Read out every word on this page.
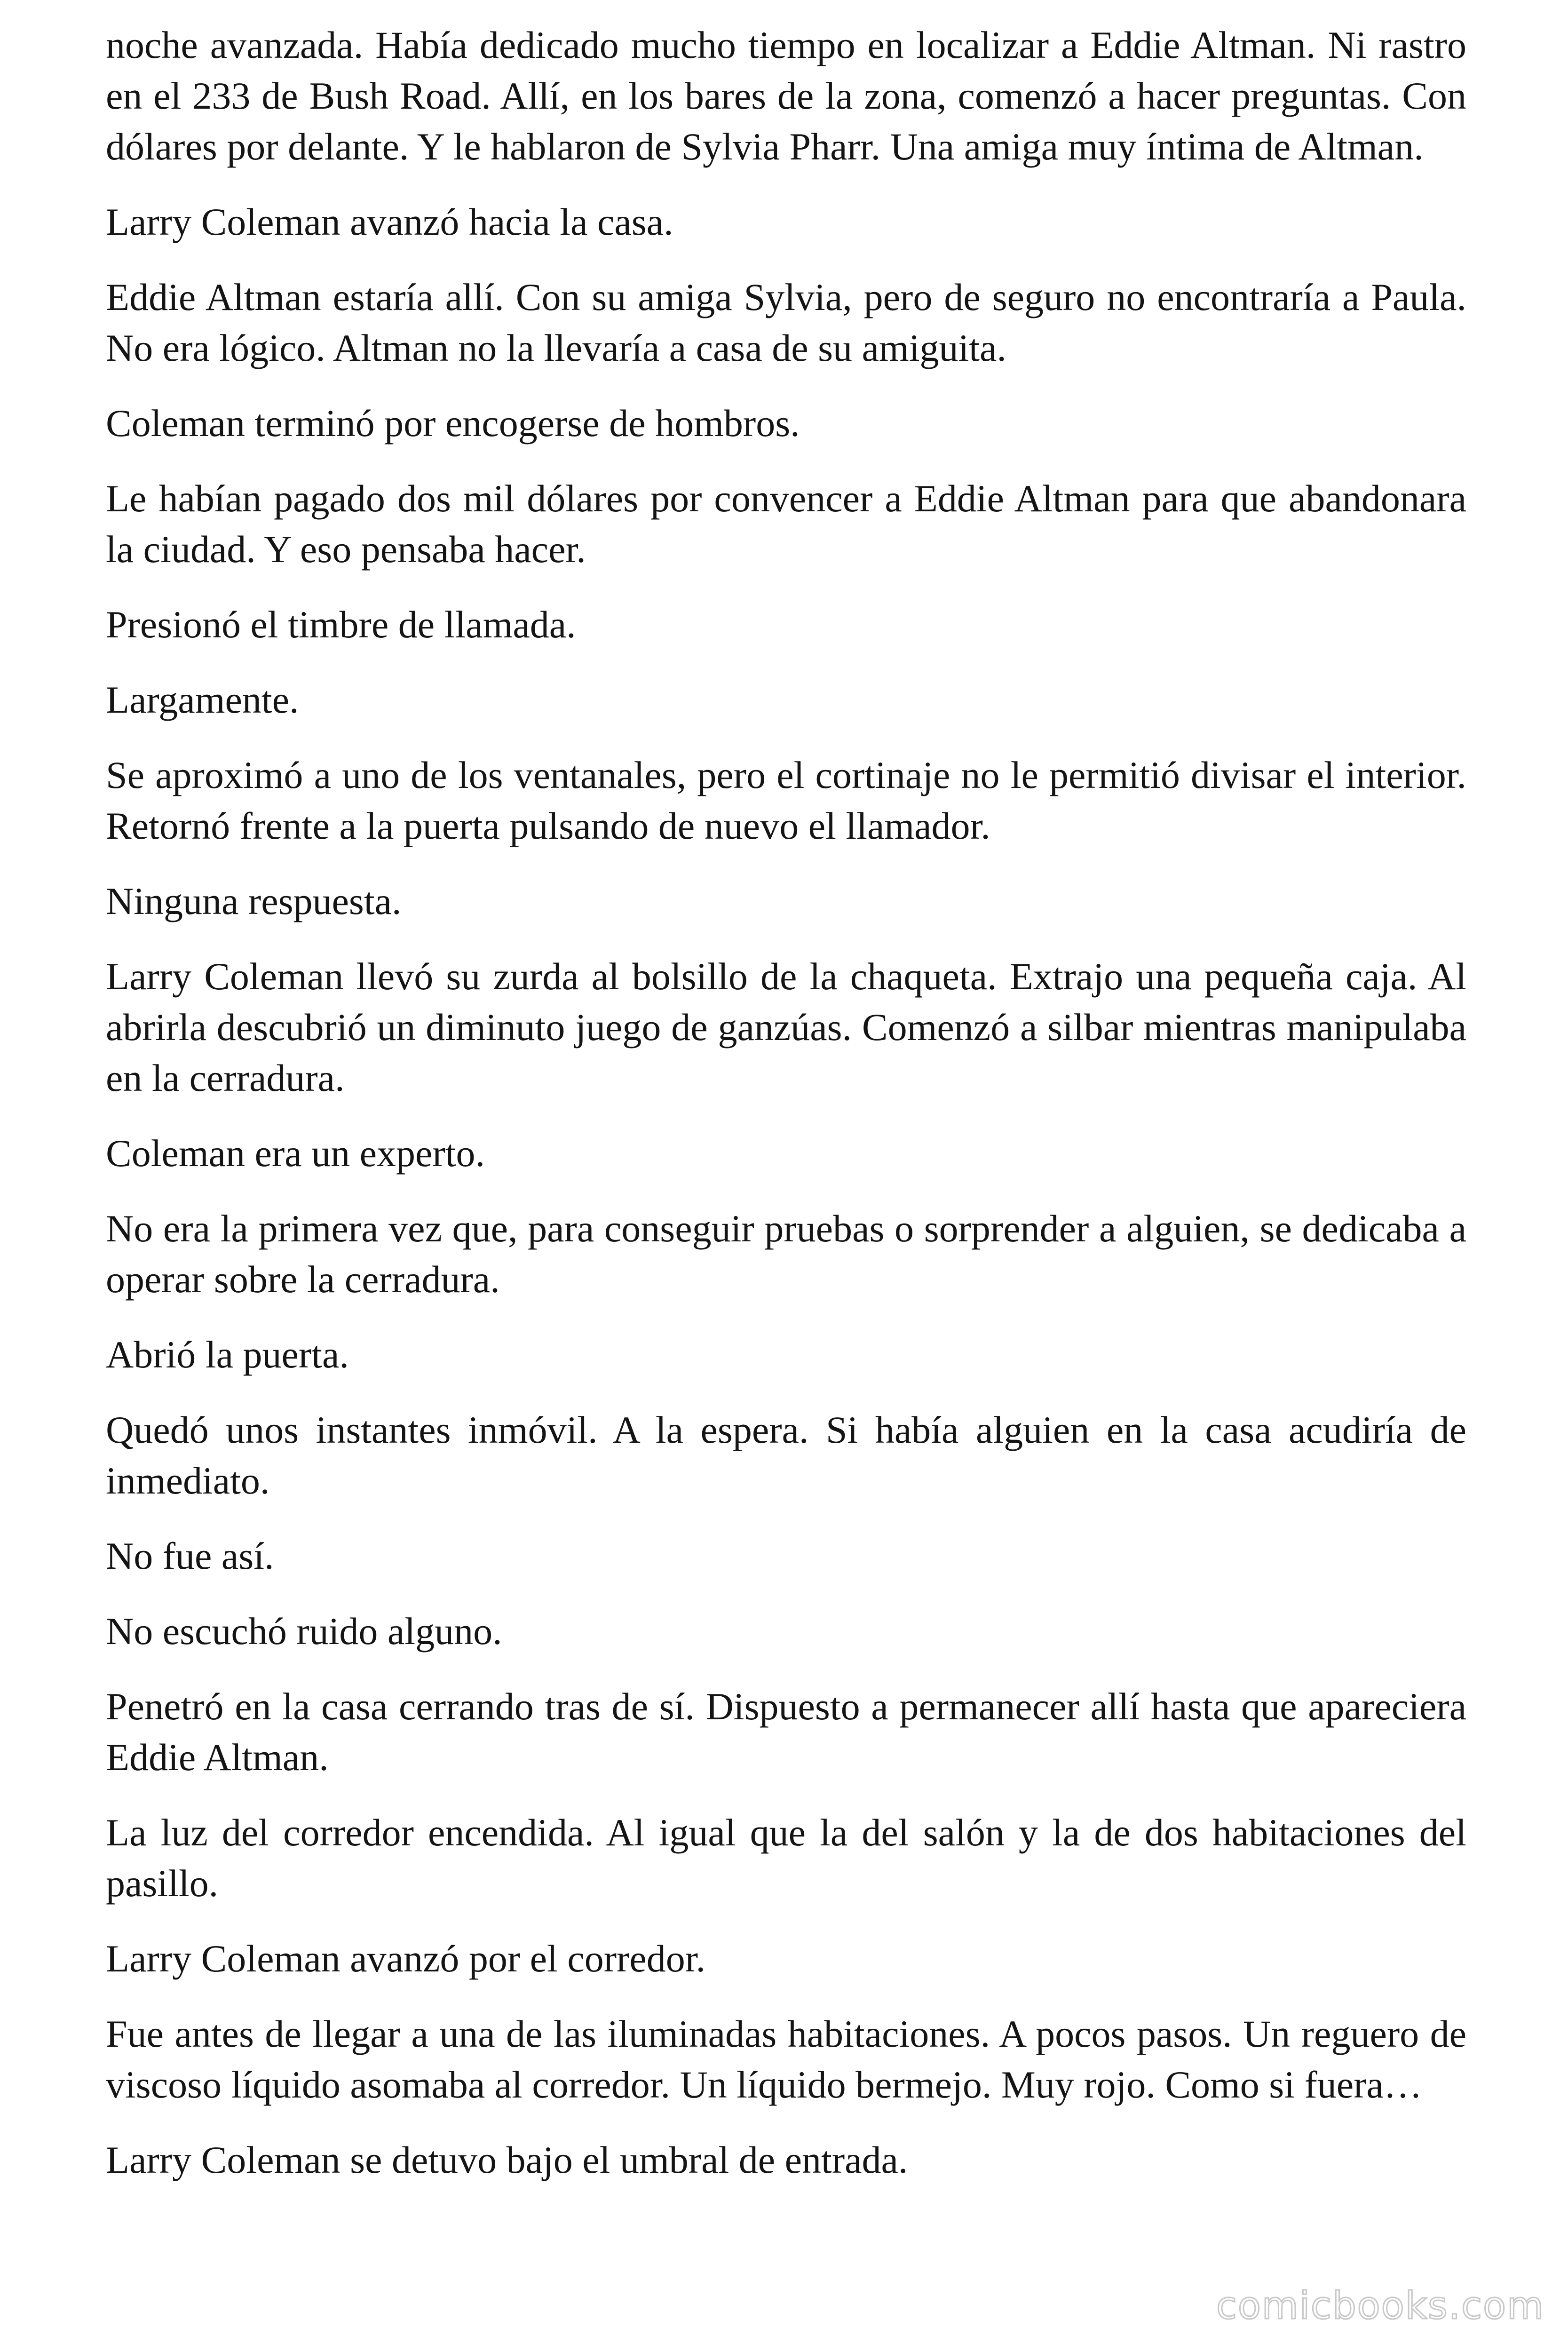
noche avanzada. Había dedicado mucho tiempo en localizar a Eddie Altman. Ni rastro en el 233 de Bush Road. Allí, en los bares de la zona, comenzó a hacer preguntas. Con dólares por delante. Y le hablaron de Sylvia Pharr. Una amiga muy íntima de Altman.

Larry Coleman avanzó hacia la casa.

Eddie Altman estaría allí. Con su amiga Sylvia, pero de seguro no encontraría a Paula. No era lógico. Altman no la llevaría a casa de su amiguita.

Coleman terminó por encogerse de hombros.

Le habían pagado dos mil dólares por convencer a Eddie Altman para que abandonara la ciudad. Y eso pensaba hacer.

Presionó el timbre de llamada.

Largamente.

Se aproximó a uno de los ventanales, pero el cortinaje no le permitió divisar el interior. Retornó frente a la puerta pulsando de nuevo el llamador.

Ninguna respuesta.

Larry Coleman llevó su zurda al bolsillo de la chaqueta. Extrajo una pequeña caja. Al abrirla descubrió un diminuto juego de ganzúas. Comenzó a silbar mientras manipulaba en la cerradura.

Coleman era un experto.

No era la primera vez que, para conseguir pruebas o sorprender a alguien, se dedicaba a operar sobre la cerradura.

Abrió la puerta.

Quedó unos instantes inmóvil. A la espera. Si había alguien en la casa acudiría de inmediato.

No fue así.

No escuchó ruido alguno.

Penetró en la casa cerrando tras de sí. Dispuesto a permanecer allí hasta que apareciera Eddie Altman.

La luz del corredor encendida. Al igual que la del salón y la de dos habitaciones del pasillo.

Larry Coleman avanzó por el corredor.

Fue antes de llegar a una de las iluminadas habitaciones. A pocos pasos. Un reguero de viscoso líquido asomaba al corredor. Un líquido bermejo. Muy rojo. Como si fuera…

Larry Coleman se detuvo bajo el umbral de entrada.

comicbooks.com
